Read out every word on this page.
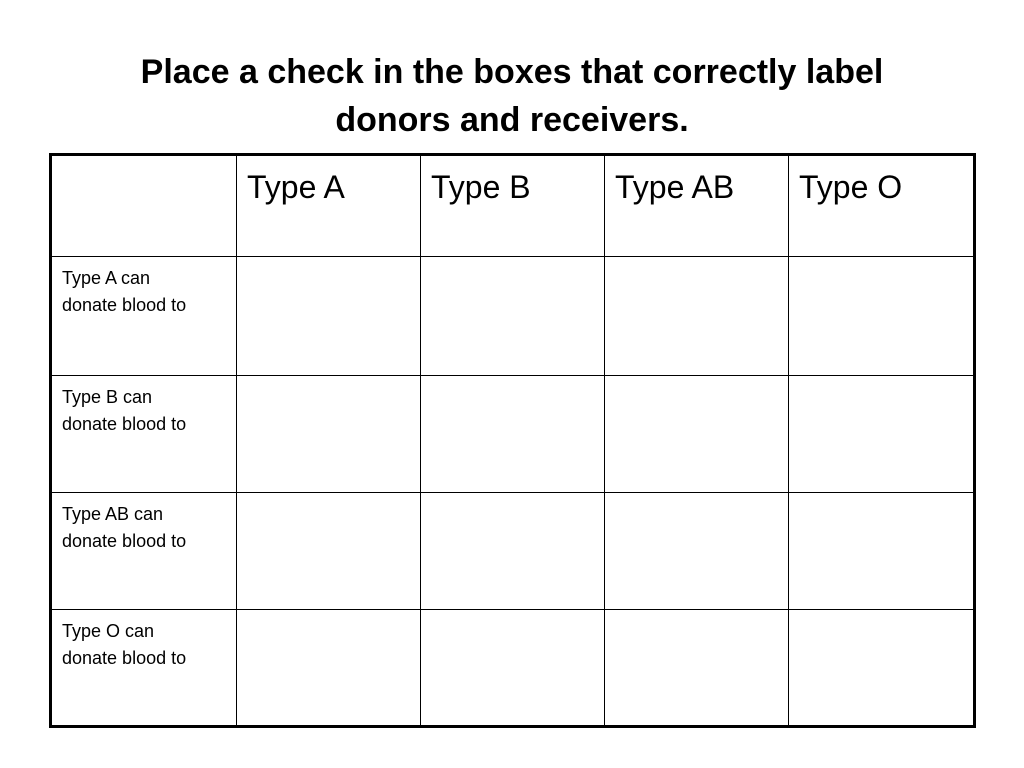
Place a check in the boxes that correctly label
donors and receivers.
	Type A	Type B	Type AB	Type O
Type A can
donate blood to				
Type B can
donate blood to				
Type AB can
donate blood to				
Type O can
donate blood to				
